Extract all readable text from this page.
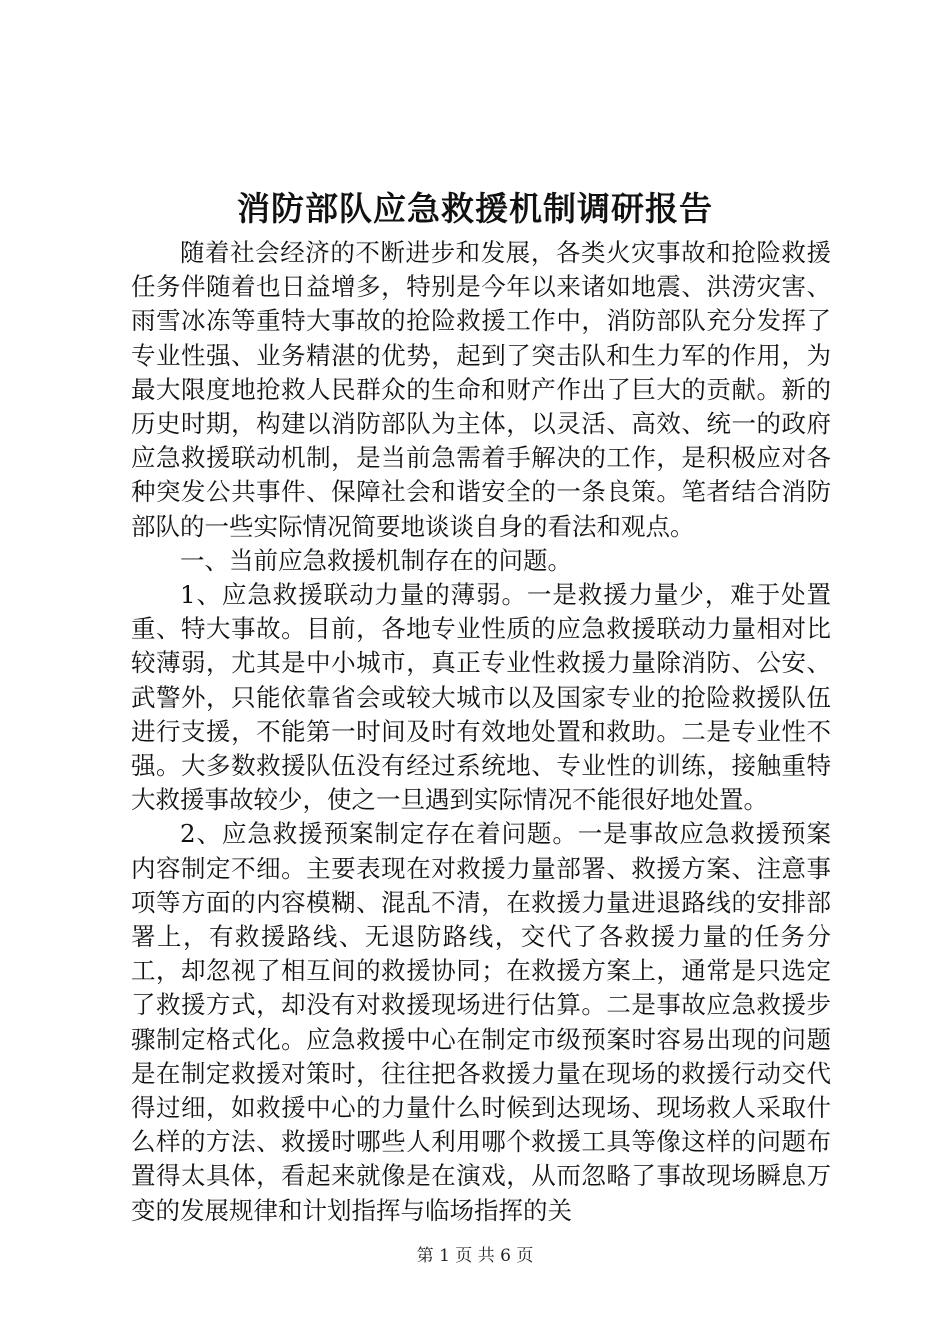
消防部队应急救援机制调研报告

随着社会经济的不断进步和发展，各类火灾事故和抢险救援任务伴随着也日益增多，特别是今年以来诸如地震、洪涝灾害、雨雪冰冻等重特大事故的抢险救援工作中，消防部队充分发挥了专业性强、业务精湛的优势，起到了突击队和生力军的作用，为最大限度地抢救人民群众的生命和财产作出了巨大的贡献。新的历史时期，构建以消防部队为主体，以灵活、高效、统一的政府应急救援联动机制，是当前急需着手解决的工作，是积极应对各种突发公共事件、保障社会和谐安全的一条良策。笔者结合消防部队的一些实际情况简要地谈谈自身的看法和观点。

一、当前应急救援机制存在的问题。

1、应急救援联动力量的薄弱。一是救援力量少，难于处置重、特大事故。目前，各地专业性质的应急救援联动力量相对比较薄弱，尤其是中小城市，真正专业性救援力量除消防、公安、武警外，只能依靠省会或较大城市以及国家专业的抢险救援队伍进行支援，不能第一时间及时有效地处置和救助。二是专业性不强。大多数救援队伍没有经过系统地、专业性的训练，接触重特大救援事故较少，使之一旦遇到实际情况不能很好地处置。

2、应急救援预案制定存在着问题。一是事故应急救援预案内容制定不细。主要表现在对救援力量部署、救援方案、注意事项等方面的内容模糊、混乱不清，在救援力量进退路线的安排部署上，有救援路线、无退防路线，交代了各救援力量的任务分工，却忽视了相互间的救援协同；在救援方案上，通常是只选定了救援方式，却没有对救援现场进行估算。二是事故应急救援步骤制定格式化。应急救援中心在制定市级预案时容易出现的问题是在制定救援对策时，往往把各救援力量在现场的救援行动交代得过细，如救援中心的力量什么时候到达现场、现场救人采取什么样的方法、救援时哪些人利用哪个救援工具等像这样的问题布置得太具体，看起来就像是在演戏，从而忽略了事故现场瞬息万变的发展规律和计划指挥与临场指挥的关

第 1 页 共 6 页
